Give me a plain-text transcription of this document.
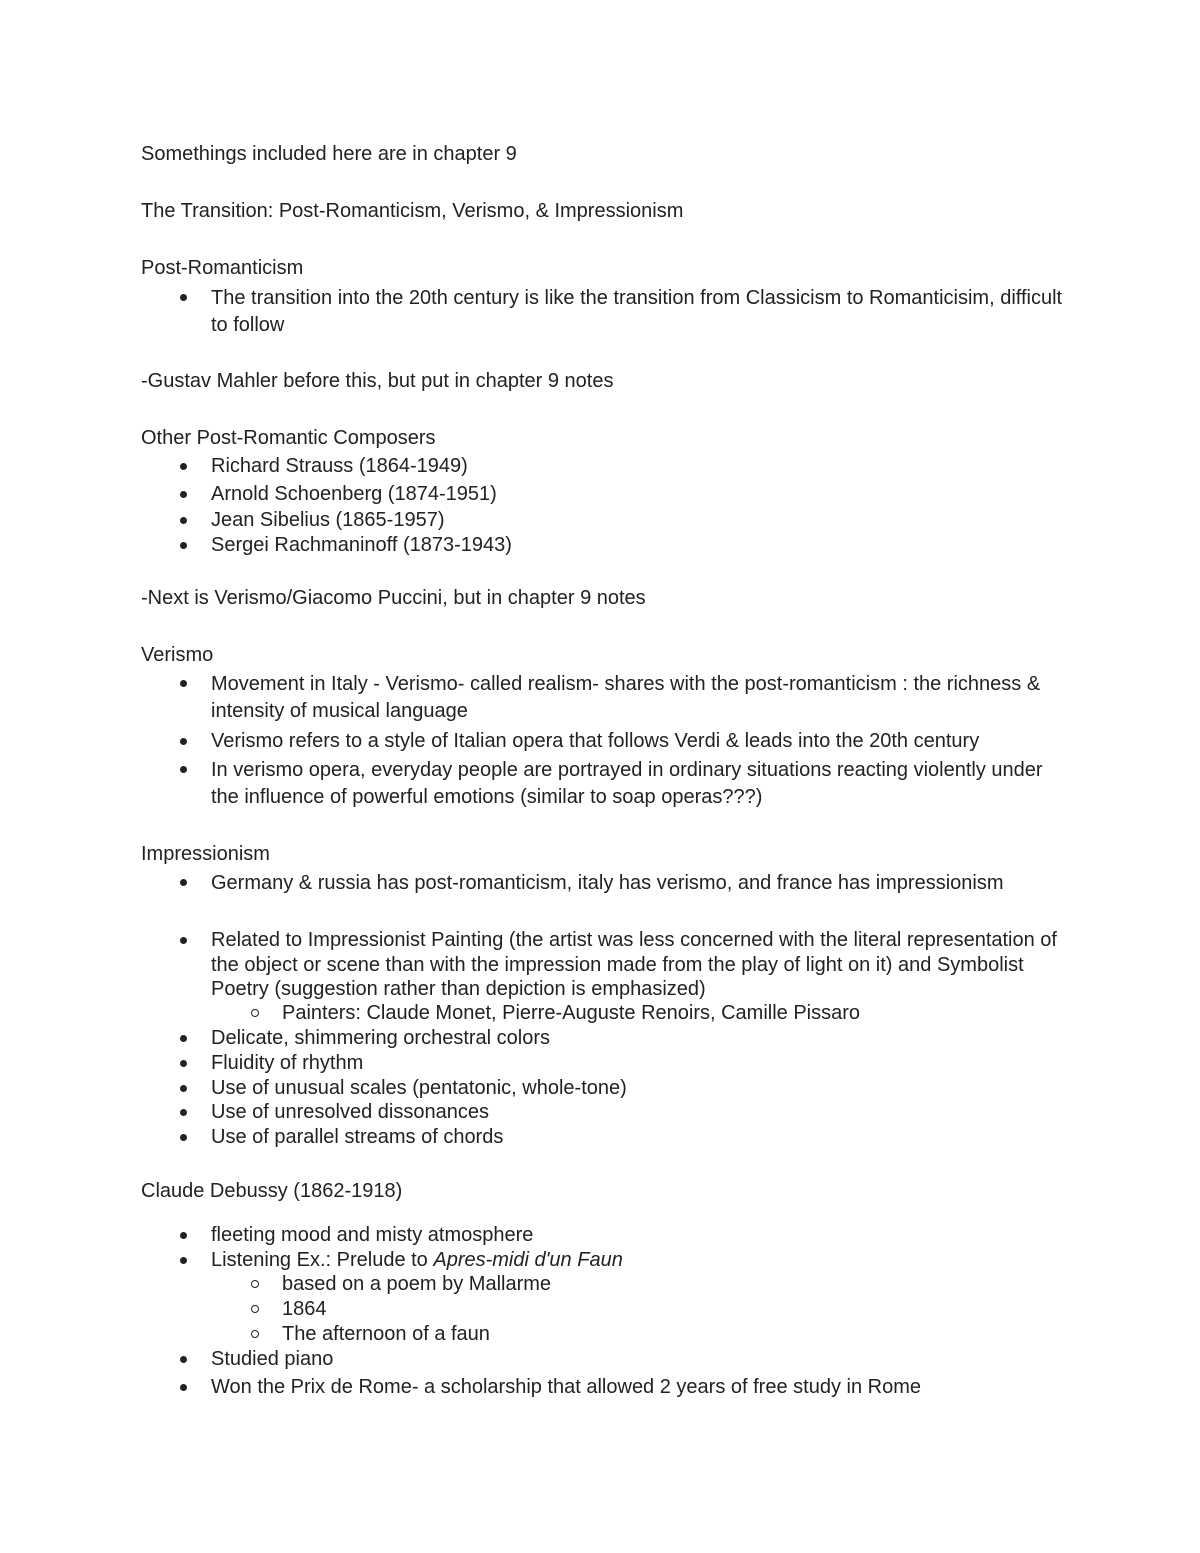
Somethings included here are in chapter 9
The Transition: Post-Romanticism, Verismo, & Impressionism
Post-Romanticism
The transition into the 20th century is like the transition from Classicism to Romanticisim, difficult to follow
-Gustav Mahler before this, but put in chapter 9 notes
Other Post-Romantic Composers
Richard Strauss (1864-1949)
Arnold Schoenberg (1874-1951)
Jean Sibelius (1865-1957)
Sergei Rachmaninoff (1873-1943)
-Next is Verismo/Giacomo Puccini, but in chapter 9 notes
Verismo
Movement in Italy - Verismo- called realism- shares with the post-romanticism : the richness & intensity of musical language
Verismo refers to a style of Italian opera that follows Verdi & leads into the 20th century
In verismo opera, everyday people are portrayed in ordinary situations reacting violently under the influence of powerful emotions (similar to soap operas???)
Impressionism
Germany & russia has post-romanticism, italy has verismo, and france has impressionism
Related to Impressionist Painting (the artist was less concerned with the literal representation of the object or scene than with the impression made from the play of light on it) and Symbolist Poetry (suggestion rather than depiction is emphasized)
Painters: Claude Monet, Pierre-Auguste Renoirs, Camille Pissaro
Delicate, shimmering orchestral colors
Fluidity of rhythm
Use of unusual scales (pentatonic, whole-tone)
Use of unresolved dissonances
Use of parallel streams of chords
Claude Debussy (1862-1918)
fleeting mood and misty atmosphere
Listening Ex.: Prelude to Apres-midi d'un Faun
based on a poem by Mallarme
1864
The afternoon of a faun
Studied piano
Won the Prix de Rome- a scholarship that allowed 2 years of free study in Rome
